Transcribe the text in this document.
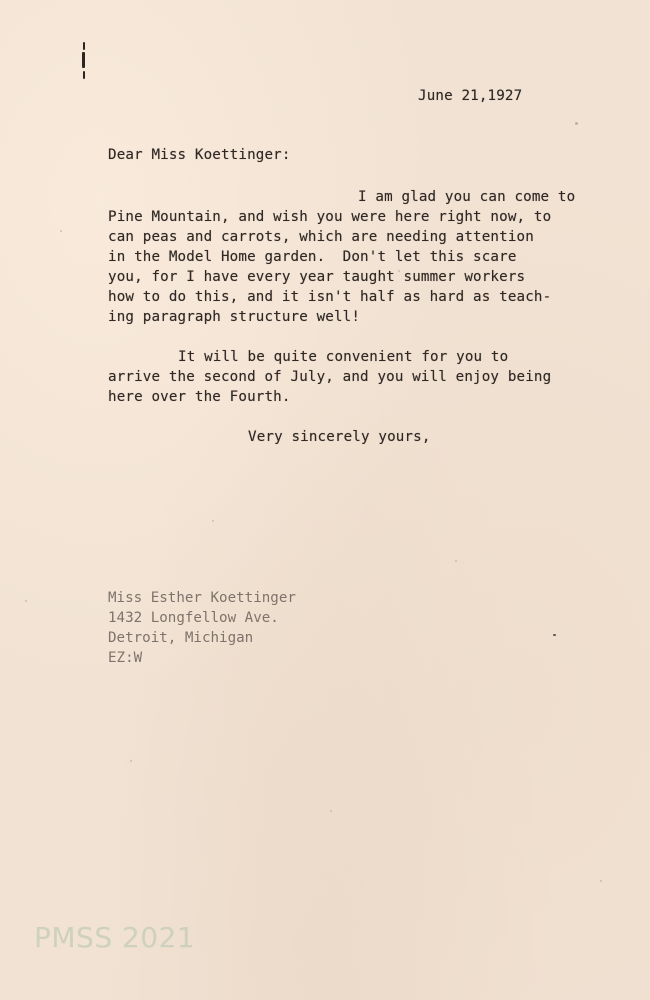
June 21,1927

Dear Miss Koettinger:

I am glad you can come to

Pine Mountain, and wish you were here right now, to

can peas and carrots, which are needing attention

in the Model Home garden.  Don't let this scare

you, for I have every year taught summer workers

how to do this, and it isn't half as hard as teach-

ing paragraph structure well!

It will be quite convenient for you to

arrive the second of July, and you will enjoy being

here over the Fourth.

Very sincerely yours,

Miss Esther Koettinger

1432 Longfellow Ave.

Detroit, Michigan

EZ:W

PMSS 2021
